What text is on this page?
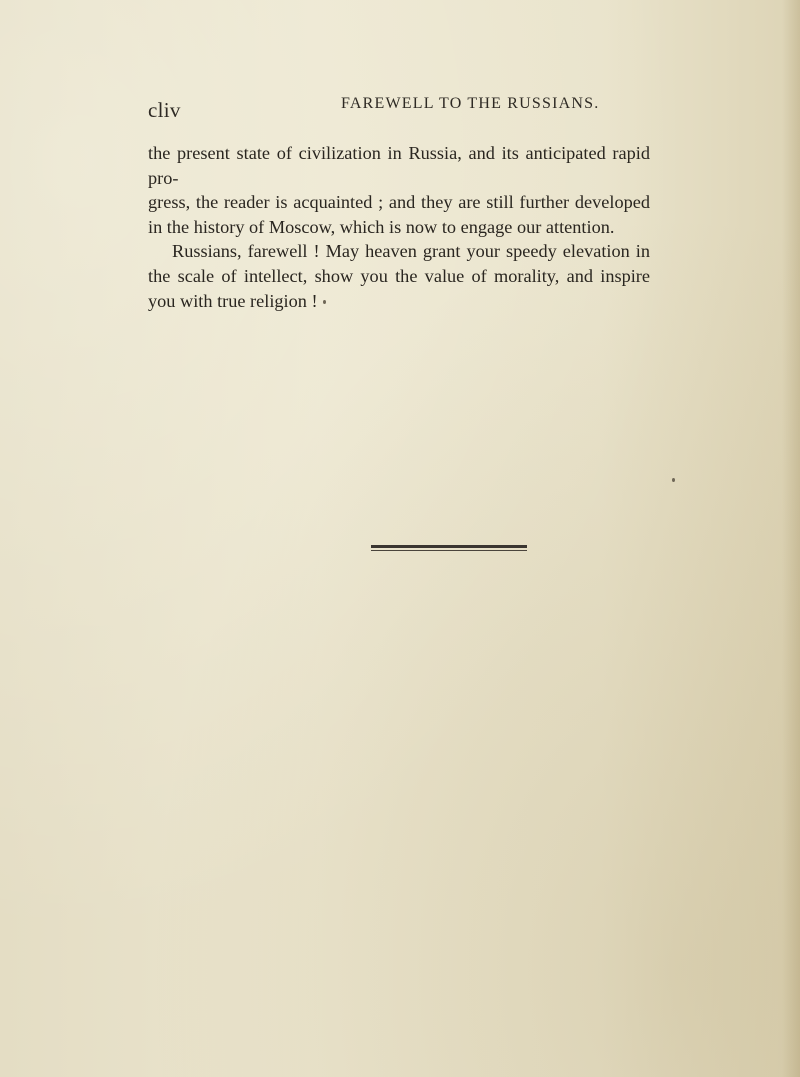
cliv	FAREWELL TO THE RUSSIANS.

the present state of civilization in Russia, and its anticipated rapid pro-

gress, the reader is acquainted ; and they are still further developed

in the history of Moscow, which is now to engage our attention.

Russians, farewell ! May heaven grant your speedy elevation in

the scale of intellect, show you the value of morality, and inspire

you with true religion !
